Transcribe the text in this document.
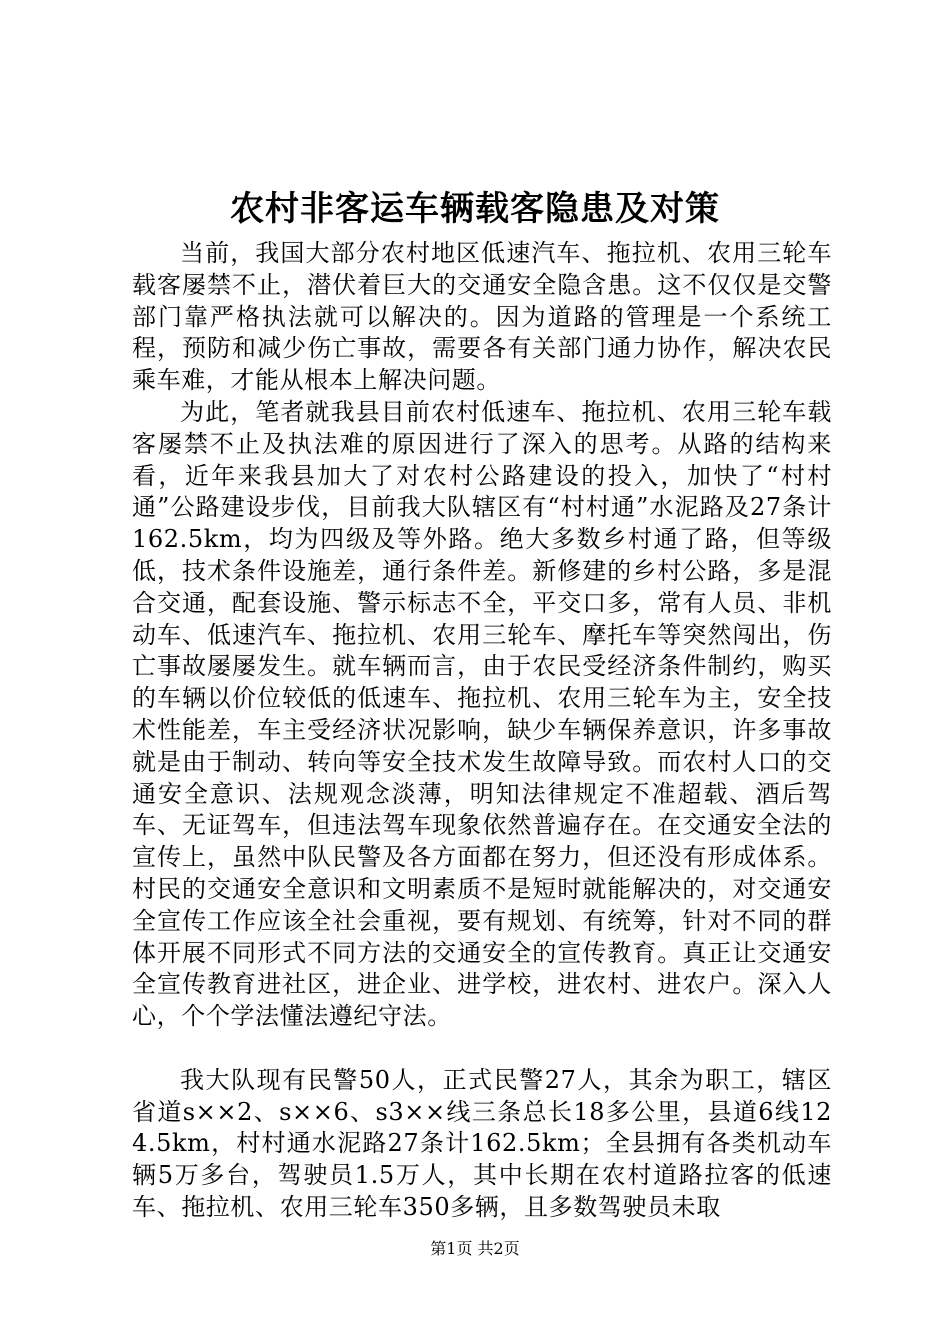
农村非客运车辆载客隐患及对策

当前，我国大部分农村地区低速汽车、拖拉机、农用三轮车载客屡禁不止，潜伏着巨大的交通安全隐含患。这不仅仅是交警部门靠严格执法就可以解决的。因为道路的管理是一个系统工程，预防和减少伤亡事故，需要各有关部门通力协作，解决农民乘车难，才能从根本上解决问题。

为此，笔者就我县目前农村低速车、拖拉机、农用三轮车载客屡禁不止及执法难的原因进行了深入的思考。从路的结构来看，近年来我县加大了对农村公路建设的投入，加快了“村村通”公路建设步伐，目前我大队辖区有“村村通”水泥路及27条计162.5km，均为四级及等外路。绝大多数乡村通了路，但等级低，技术条件设施差，通行条件差。新修建的乡村公路，多是混合交通，配套设施、警示标志不全，平交口多，常有人员、非机动车、低速汽车、拖拉机、农用三轮车、摩托车等突然闯出，伤亡事故屡屡发生。就车辆而言，由于农民受经济条件制约，购买的车辆以价位较低的低速车、拖拉机、农用三轮车为主，安全技术性能差，车主受经济状况影响，缺少车辆保养意识，许多事故就是由于制动、转向等安全技术发生故障导致。而农村人口的交通安全意识、法规观念淡薄，明知法律规定不准超载、酒后驾车、无证驾车，但违法驾车现象依然普遍存在。在交通安全法的宣传上，虽然中队民警及各方面都在努力，但还没有形成体系。村民的交通安全意识和文明素质不是短时就能解决的，对交通安全宣传工作应该全社会重视，要有规划、有统筹，针对不同的群体开展不同形式不同方法的交通安全的宣传教育。真正让交通安全宣传教育进社区，进企业、进学校，进农村、进农户。深入人心，个个学法懂法遵纪守法。

我大队现有民警50人，正式民警27人，其余为职工，辖区省道s××2、s××6、s3××线三条总长18多公里，县道6线124.5km，村村通水泥路27条计162.5km；全县拥有各类机动车辆5万多台，驾驶员1.5万人，其中长期在农村道路拉客的低速车、拖拉机、农用三轮车350多辆，且多数驾驶员未取

第1页 共2页
